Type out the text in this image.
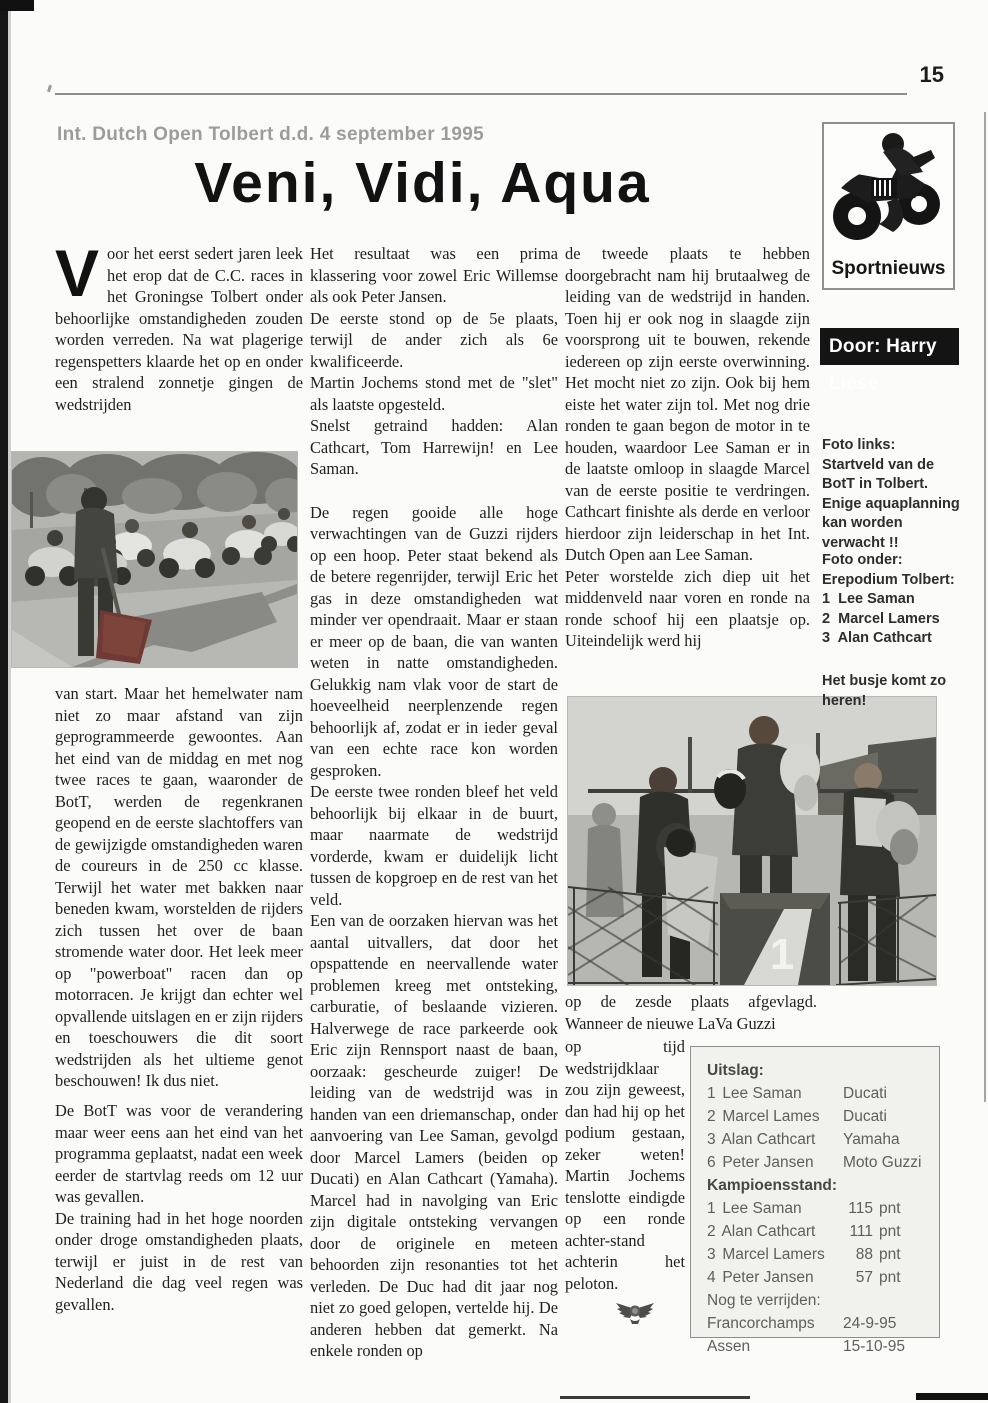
15
Int. Dutch Open Tolbert d.d. 4 september 1995
Veni, Vidi, Aqua

Voor het eerst sedert jaren leek het erop dat de C.C. races in het Groningse Tolbert onder behoorlijke omstandigheden zouden worden verreden. Na wat plagerige regenspetters klaarde het op en onder een stralend zonnetje gingen de wedstrijden

van start. Maar het hemelwater nam niet zo maar afstand van zijn geprogrammeerde gewoontes. Aan het eind van de middag en met nog twee races te gaan, waaronder de BotT, werden de regenkranen geopend en de eerste slachtoffers van de gewijzigde omstandigheden waren de coureurs in de 250 cc klasse. Terwijl het water met bakken naar beneden kwam, worstelden de rijders zich tussen het over de baan stromende water door. Het leek meer op "powerboat" racen dan op motorracen. Je krijgt dan echter wel opvallende uitslagen en er zijn rijders en toeschouwers die dit soort wedstrijden als het ultieme genot beschouwen! Ik dus niet.

De BotT was voor de verandering maar weer eens aan het eind van het programma geplaatst, nadat een week eerder de startvlag reeds om 12 uur was gevallen.

De training had in het hoge noorden onder droge omstandigheden plaats, terwijl er juist in de rest van Nederland die dag veel regen was gevallen.

Het resultaat was een prima klassering voor zowel Eric Willemse als ook Peter Jansen.

De eerste stond op de 5e plaats, terwijl de ander zich als 6e kwalificeerde.

Martin Jochems stond met de "slet" als laatste opgesteld.

Snelst getraind hadden: Alan Cathcart, Tom Harrewijn! en Lee Saman.

De regen gooide alle hoge verwachtingen van de Guzzi rijders op een hoop. Peter staat bekend als de betere regenrijder, terwijl Eric het gas in deze omstandigheden wat minder ver opendraait. Maar er staan er meer op de baan, die van wanten weten in natte omstandigheden. Gelukkig nam vlak voor de start de hoeveelheid neerplenzende regen behoorlijk af, zodat er in ieder geval van een echte race kon worden gesproken.

De eerste twee ronden bleef het veld behoorlijk bij elkaar in de buurt, maar naarmate de wedstrijd vorderde, kwam er duidelijk licht tussen de kopgroep en de rest van het veld.

Een van de oorzaken hiervan was het aantal uitvallers, dat door het opspattende en neervallende water problemen kreeg met ontsteking, carburatie, of beslaande vizieren. Halverwege de race parkeerde ook Eric zijn Rennsport naast de baan, oorzaak: gescheurde zuiger! De leiding van de wedstrijd was in handen van een driemanschap, onder aanvoering van Lee Saman, gevolgd door Marcel Lamers (beiden op Ducati) en Alan Cathcart (Yamaha). Marcel had in navolging van Eric zijn digitale ontsteking vervangen door de originele en meteen behoorden zijn resonanties tot het verleden. De Duc had dit jaar nog niet zo goed gelopen, vertelde hij. De anderen hebben dat gemerkt. Na enkele ronden op

de tweede plaats te hebben doorgebracht nam hij brutaalweg de leiding van de wedstrijd in handen. Toen hij er ook nog in slaagde zijn voorsprong uit te bouwen, rekende iedereen op zijn eerste overwinning. Het mocht niet zo zijn. Ook bij hem eiste het water zijn tol. Met nog drie ronden te gaan begon de motor in te houden, waardoor Lee Saman er in de laatste omloop in slaagde Marcel van de eerste positie te verdringen. Cathcart finishte als derde en verloor hierdoor zijn leiderschap in het Int. Dutch Open aan Lee Saman.

Peter worstelde zich diep uit het middenveld naar voren en ronde na ronde schoof hij een plaatsje op. Uiteindelijk werd hij

1

op de zesde plaats afgevlagd. Wanneer de nieuwe LaVa Guzzi

op tijd wedstrijdklaar zou zijn geweest, dan had hij op het podium gestaan, zeker weten! Martin Jochems tenslotte eindigde op een ronde achter-stand achterin het peloton.

Uitslag:
1 Lee Saman	Ducati
2 Marcel Lames	Ducati
3 Alan Cathcart	Yamaha
6 Peter Jansen	Moto Guzzi
Kampioensstand:
1 Lee Saman	115 pnt
2 Alan Cathcart	111 pnt
3 Marcel Lamers	88 pnt
4 Peter Jansen	57 pnt
Nog te verrijden:
Francorchamps	24-9-95
Assen	15-10-95
Sportnieuws
Door: Harry Liese

Foto links:

Startveld van de BotT in Tolbert. Enige aquaplanning kan worden verwacht !!

Foto onder:

Erepodium Tolbert:

1  Lee Saman

2  Marcel Lamers

3  Alan Cathcart

Het busje komt zo heren!
